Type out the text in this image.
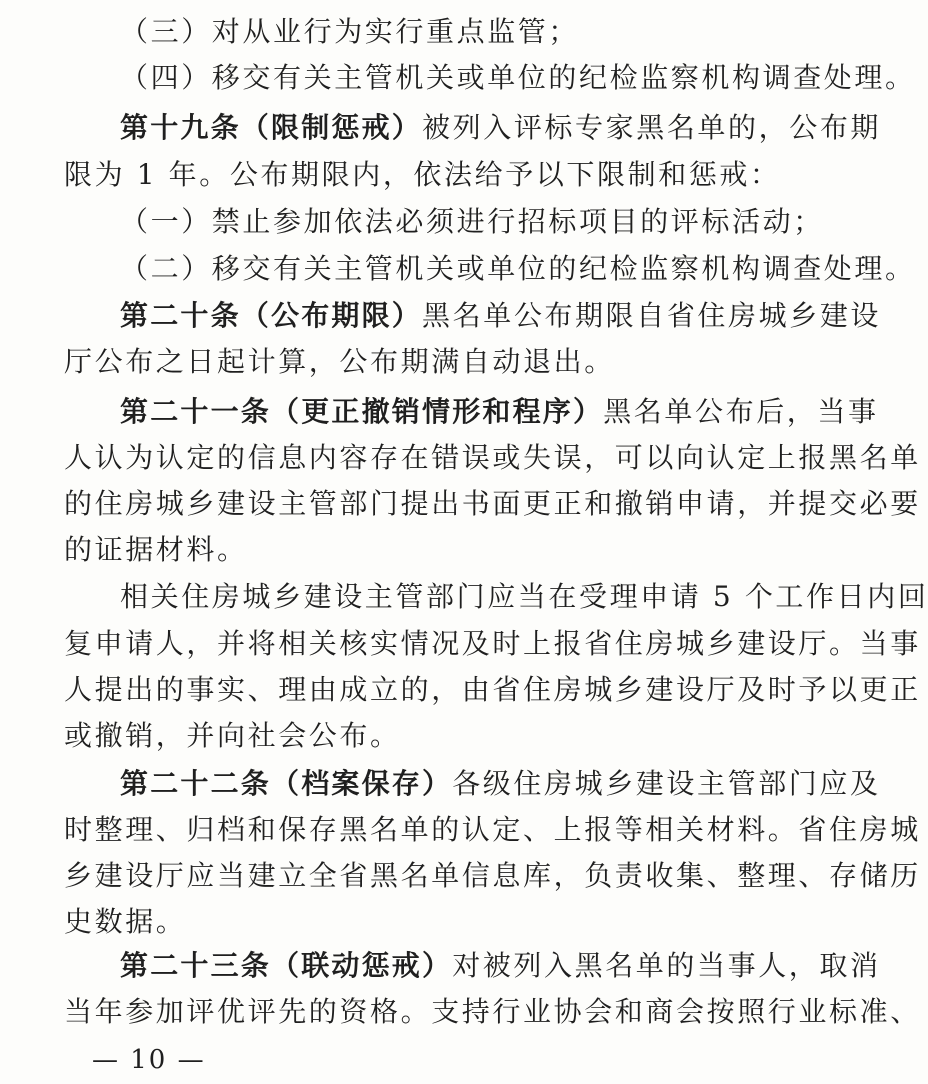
（三）对从业行为实行重点监管；
（四）移交有关主管机关或单位的纪检监察机构调查处理。
第十九条（限制惩戒）被列入评标专家黑名单的，公布期
限为 1 年。公布期限内，依法给予以下限制和惩戒：
（一）禁止参加依法必须进行招标项目的评标活动；
（二）移交有关主管机关或单位的纪检监察机构调查处理。
第二十条（公布期限）黑名单公布期限自省住房城乡建设
厅公布之日起计算，公布期满自动退出。
第二十一条（更正撤销情形和程序）黑名单公布后，当事
人认为认定的信息内容存在错误或失误，可以向认定上报黑名单
的住房城乡建设主管部门提出书面更正和撤销申请，并提交必要
的证据材料。
相关住房城乡建设主管部门应当在受理申请 5 个工作日内回
复申请人，并将相关核实情况及时上报省住房城乡建设厅。当事
人提出的事实、理由成立的，由省住房城乡建设厅及时予以更正
或撤销，并向社会公布。
第二十二条（档案保存）各级住房城乡建设主管部门应及
时整理、归档和保存黑名单的认定、上报等相关材料。省住房城
乡建设厅应当建立全省黑名单信息库，负责收集、整理、存储历
史数据。
第二十三条（联动惩戒）对被列入黑名单的当事人，取消
当年参加评优评先的资格。支持行业协会和商会按照行业标准、
— 10 —
